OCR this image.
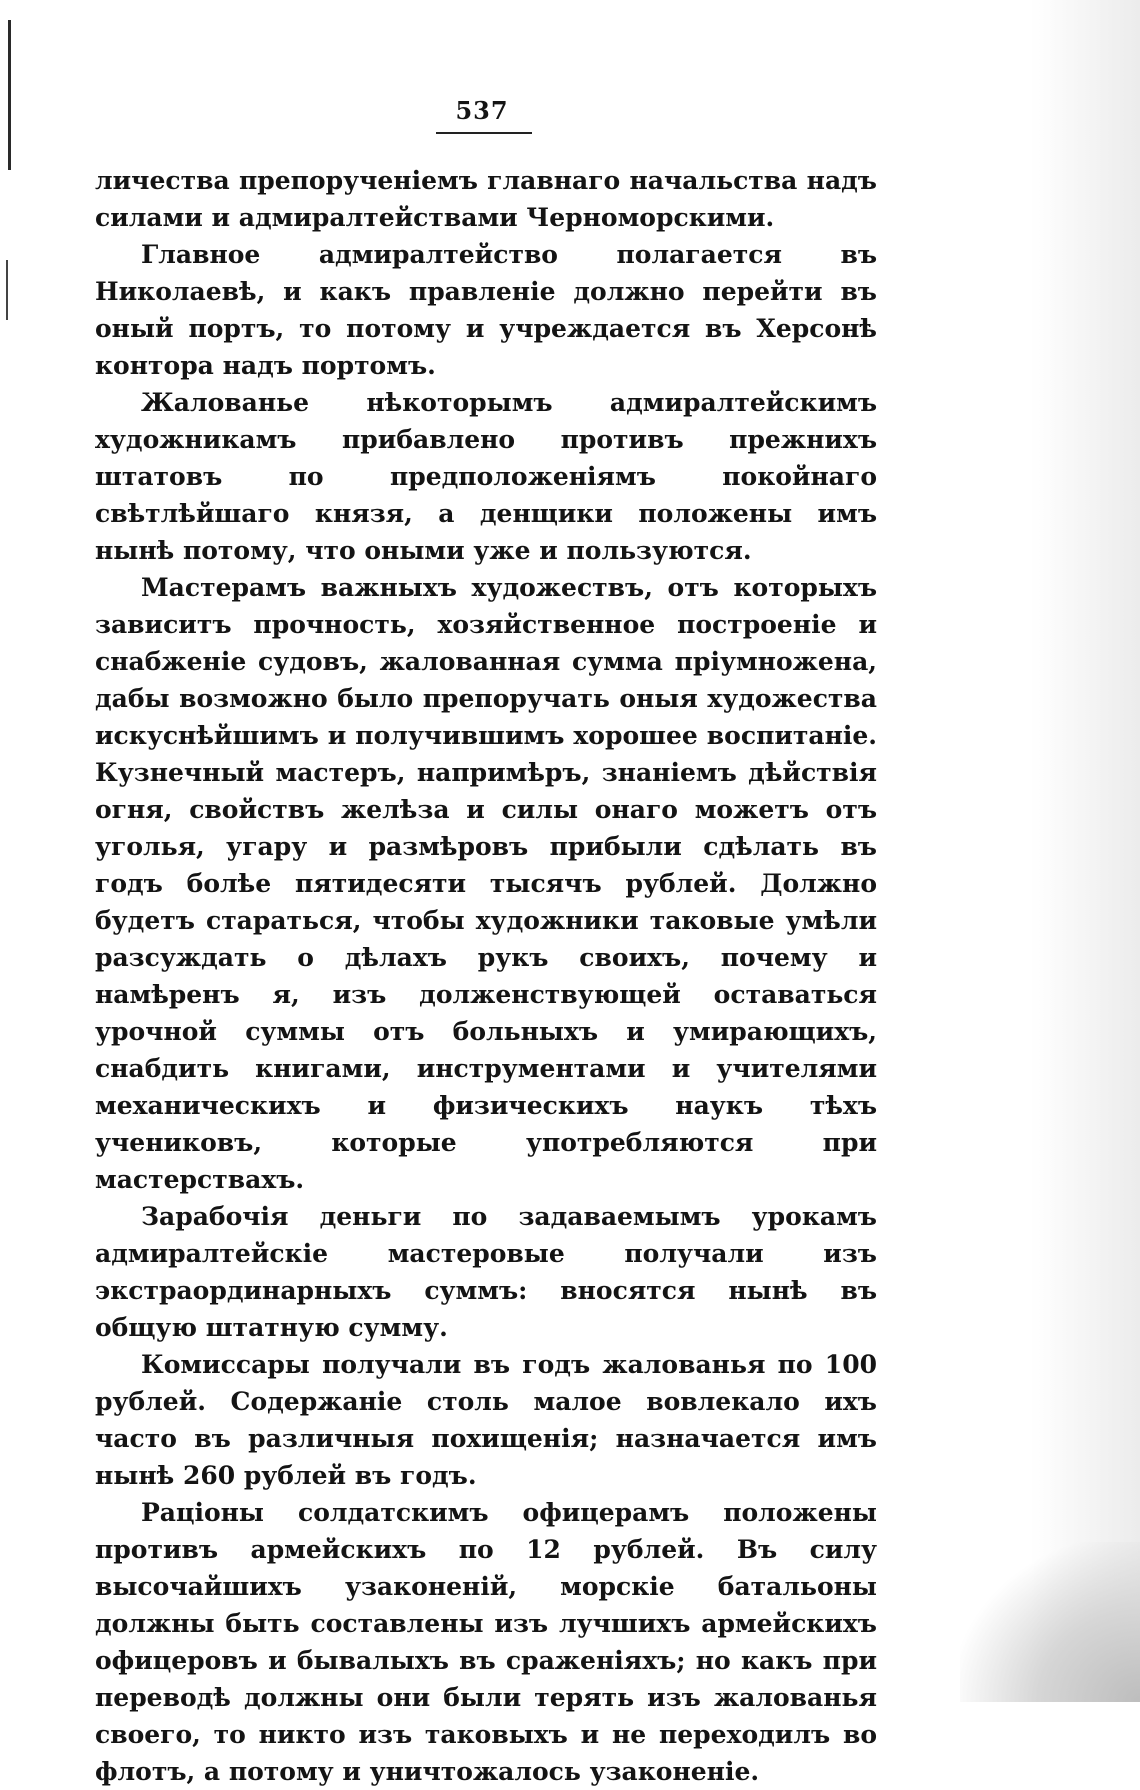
537

личества препорученіемъ главнаго начальства надъ силами и адмиралтействами Черноморскими.

Главное адмиралтейство полагается въ Николаевѣ, и какъ правленіе должно перейти въ оный портъ, то потому и учреждается въ Херсонѣ контора надъ портомъ.

Жалованье нѣкоторымъ адмиралтейскимъ художникамъ прибавлено противъ прежнихъ штатовъ по предположеніямъ покойнаго свѣтлѣйшаго князя, а денщики положены имъ нынѣ потому, что оными уже и пользуются.

Мастерамъ важныхъ художествъ, отъ которыхъ зависитъ прочность, хозяйственное построеніе и снабженіе судовъ, жалованная сумма пріумножена, дабы возможно было препоручать оныя художества искуснѣйшимъ и получившимъ хорошее воспитаніе. Кузнечный мастеръ, напримѣръ, знаніемъ дѣйствія огня, свойствъ желѣза и силы онаго можетъ отъ уголья, угару и размѣровъ прибыли сдѣлать въ годъ болѣе пятидесяти тысячъ рублей. Должно будетъ стараться, чтобы художники таковые умѣли разсуждать о дѣлахъ рукъ своихъ, почему и намѣренъ я, изъ долженствующей оставаться урочной суммы отъ больныхъ и умирающихъ, снабдить книгами, инструментами и учителями механическихъ и физическихъ наукъ тѣхъ учениковъ, которые употребляются при мастерствахъ.

Зарабочія деньги по задаваемымъ урокамъ адмиралтейскіе мастеровые получали изъ экстраординарныхъ суммъ: вносятся нынѣ въ общую штатную сумму.

Комиссары получали въ годъ жалованья по 100 рублей. Содержаніе столь малое вовлекало ихъ часто въ различныя похищенія; назначается имъ нынѣ 260 рублей въ годъ.

Раціоны солдатскимъ офицерамъ положены противъ армейскихъ по 12 рублей. Въ силу высочайшихъ узаконеній, морскіе батальоны должны быть составлены изъ лучшихъ армейскихъ офицеровъ и бывалыхъ въ сраженіяхъ; но какъ при переводѣ должны они были терять изъ жалованья своего, то никто изъ таковыхъ и не переходилъ во флотъ, а потому и уничтожалось узаконеніе.
